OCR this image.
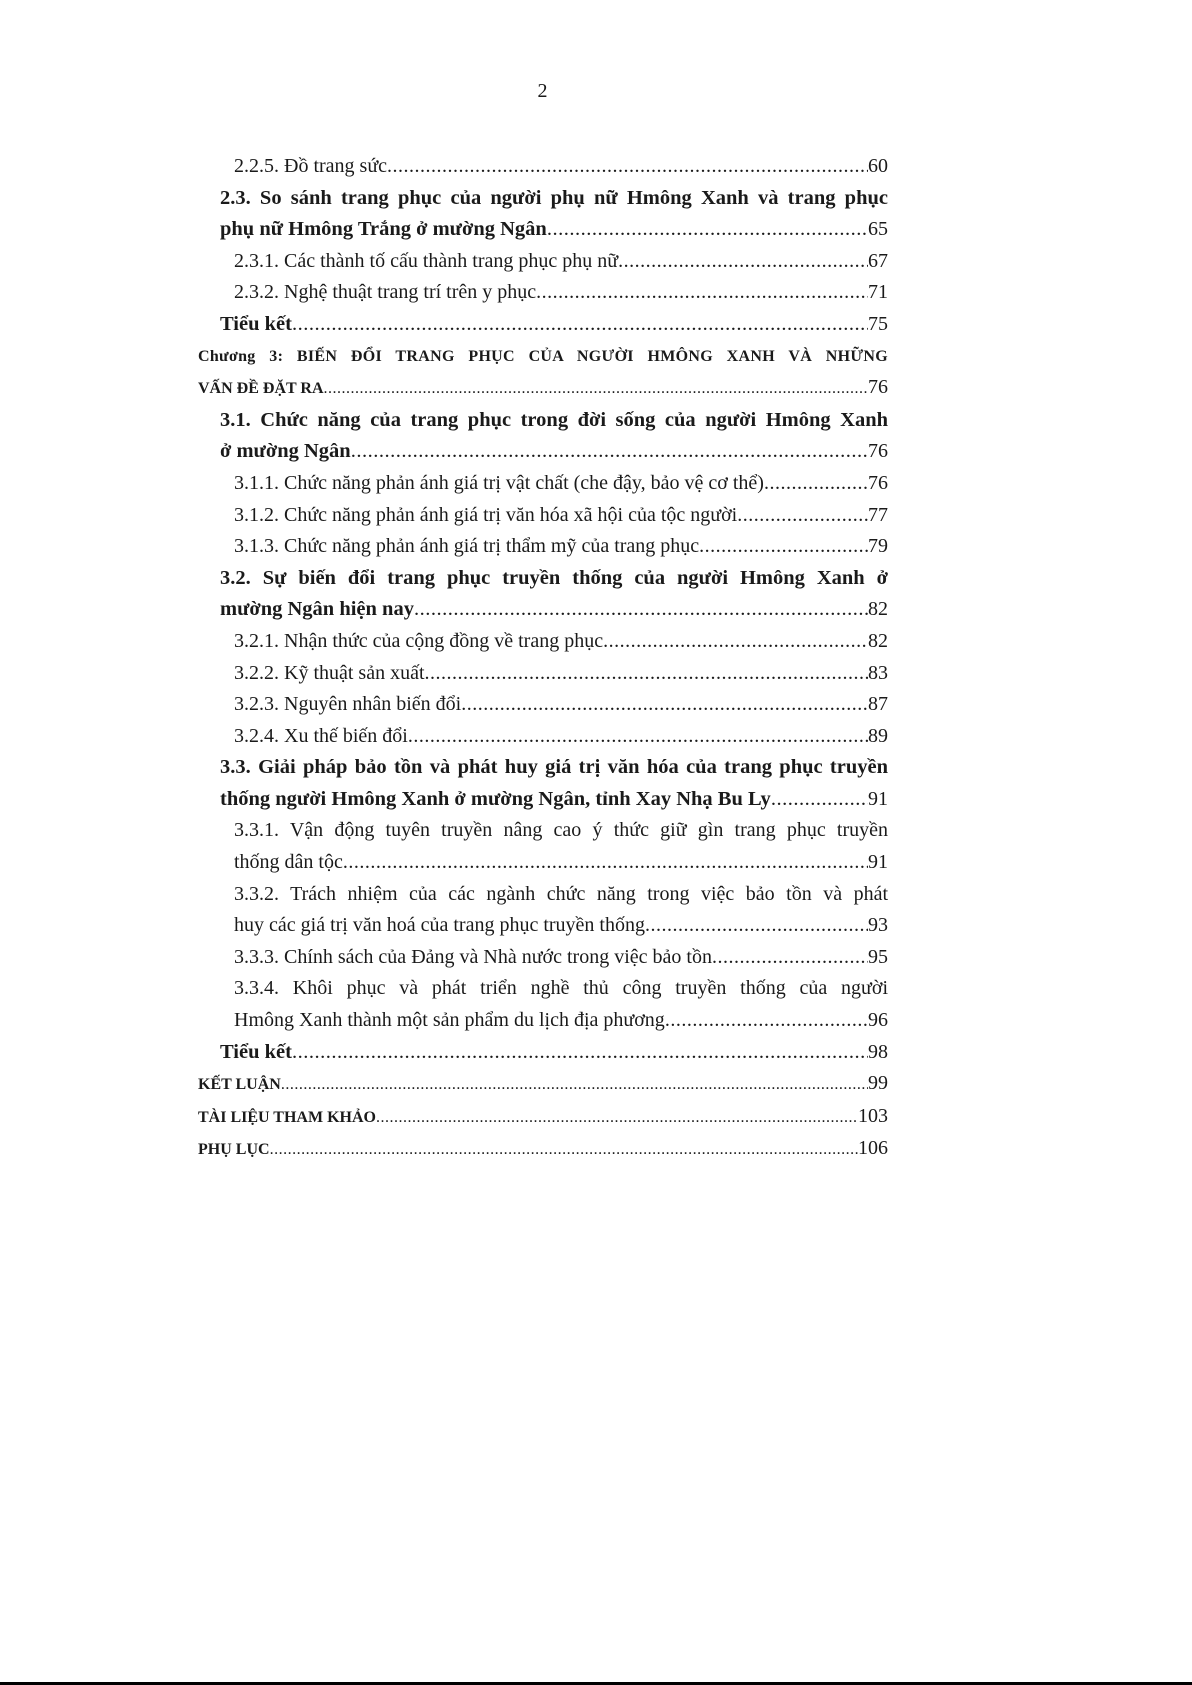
2
2.2.5. Đồ trang sức .....	60
2.3. So sánh trang phục của người phụ nữ Hmông Xanh và trang phục
phụ nữ Hmông Trắng ở mường Ngân .....	65
2.3.1. Các thành tố cấu thành trang phục phụ nữ .....	67
2.3.2. Nghệ thuật trang trí trên y phục .....	71
Tiểu kết .....	75
Chương 3: BIẾN ĐỔI TRANG PHỤC CỦA NGƯỜI HMÔNG XANH VÀ NHỮNG
VẤN ĐỀ ĐẶT RA .....	76
3.1. Chức năng của trang phục trong đời sống của người Hmông Xanh
ở mường Ngân .....	76
3.1.1. Chức năng phản ánh giá trị vật chất (che đậy, bảo vệ cơ thể) .....	76
3.1.2. Chức năng phản ánh giá trị văn hóa xã hội của tộc người .....	77
3.1.3. Chức năng phản ánh giá trị thẩm mỹ của trang phục .....	79
3.2. Sự biến đổi trang phục truyền thống của người Hmông Xanh ở
mường Ngân hiện nay .....	82
3.2.1. Nhận thức của cộng đồng về trang phục .....	82
3.2.2. Kỹ thuật sản xuất .....	83
3.2.3. Nguyên nhân biến đổi .....	87
3.2.4. Xu thế biến đổi .....	89
3.3. Giải pháp bảo tồn và phát huy giá trị văn hóa của trang phục truyền
thống người Hmông Xanh ở mường Ngân, tỉnh Xay Nhạ Bu Ly .....	91
3.3.1. Vận động tuyên truyền nâng cao ý thức giữ gìn trang phục truyền
thống dân tộc .....	91
3.3.2. Trách nhiệm của các ngành chức năng trong việc bảo tồn và phát
huy các giá trị văn hoá của trang phục truyền thống .....	93
3.3.3. Chính sách của Đảng và Nhà nước trong việc bảo tồn .....	95
3.3.4. Khôi phục và phát triển nghề thủ công truyền thống của người
Hmông Xanh thành một sản phẩm du lịch địa phương .....	96
Tiểu kết .....	98
KẾT LUẬN .....	99
TÀI LIỆU THAM KHẢO .....	103
PHỤ LỤC .....	106
